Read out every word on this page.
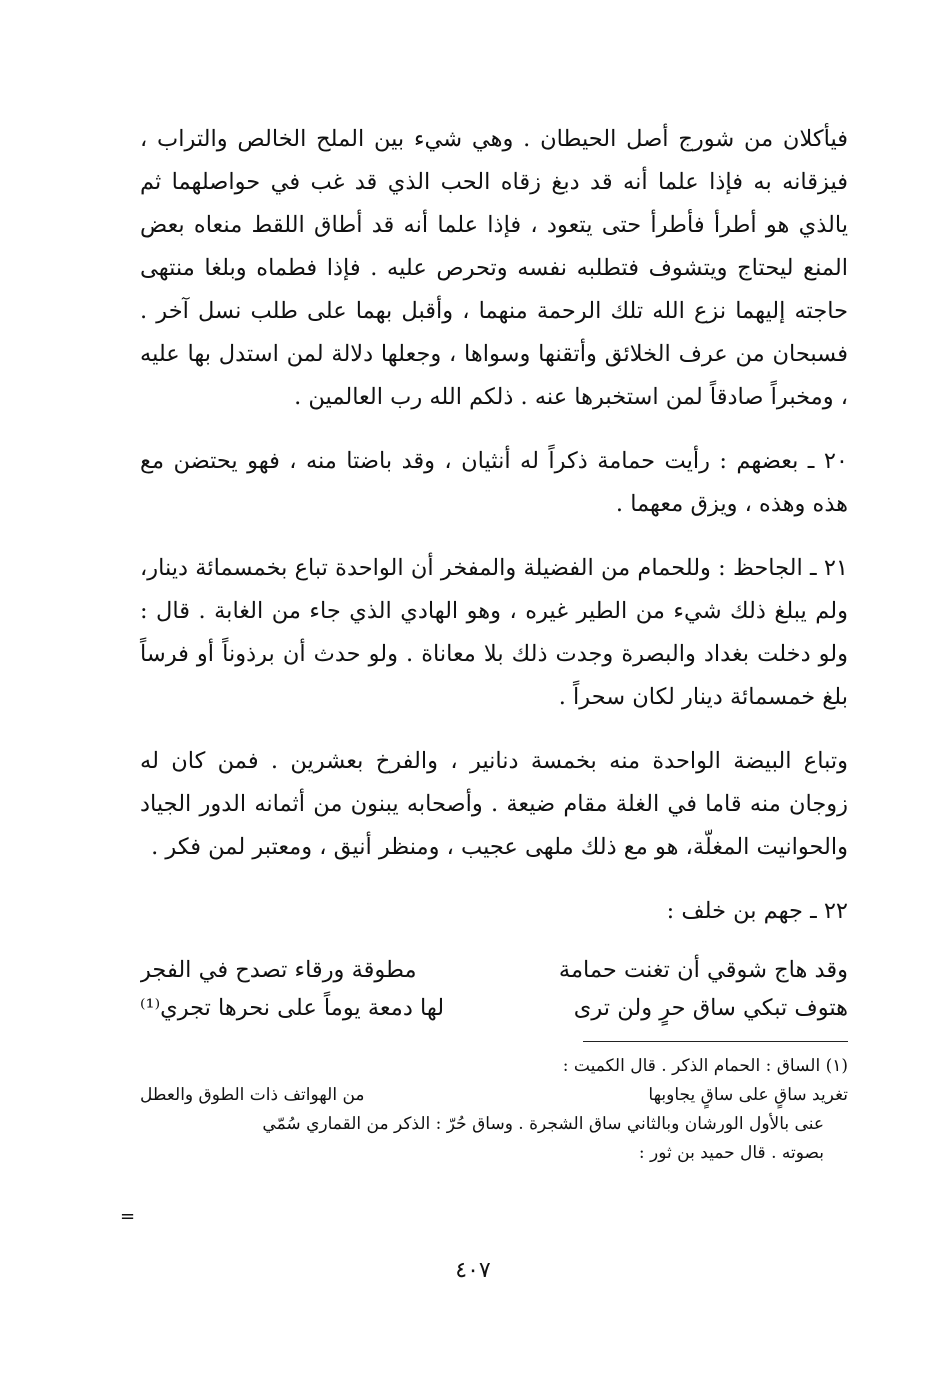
فيأكلان من شورج أصل الحيطان . وهي شيء بين الملح الخالص والتراب ، فيزقانه به فإذا علما أنه قد دبغ زقاه الحب الذي قد غب في حواصلهما ثم يالذي هو أطرأ فأطرأ حتى يتعود ، فإذا علما أنه قد أطاق اللقط منعاه بعض المنع ليحتاج ويتشوف فتطلبه نفسه وتحرص عليه . فإذا فطماه وبلغا منتهى حاجته إليهما نزع الله تلك الرحمة منهما ، وأقبل بهما على طلب نسل آخر . فسبحان من عرف الخلائق وأتقنها وسواها ، وجعلها دلالة لمن استدل بها عليه ، ومخبراً صادقاً لمن استخبرها عنه . ذلكم الله رب العالمين .

٢٠ ـ بعضهم : رأيت حمامة ذكراً له أنثيان ، وقد باضتا منه ، فهو يحتضن مع هذه وهذه ، ويزق معهما .

٢١ ـ الجاحظ : وللحمام من الفضيلة والمفخر أن الواحدة تباع بخمسمائة دينار، ولم يبلغ ذلك شيء من الطير غيره ، وهو الهادي الذي جاء من الغابة . قال : ولو دخلت بغداد والبصرة وجدت ذلك بلا معاناة . ولو حدث أن برذوناً أو فرساً بلغ خمسمائة دينار لكان سحراً .

وتباع البيضة الواحدة منه بخمسة دنانير ، والفرخ بعشرين . فمن كان له زوجان منه قاما في الغلة مقام ضيعة . وأصحابه يبنون من أثمانه الدور الجياد والحوانيت المغلّة، هو مع ذلك ملهى عجيب ، ومنظر أنيق ، ومعتبر لمن فكر .

٢٢ ـ جهم بن خلف :

وقد هاج شوقي أن تغنت حمامة
مطوقة ورقاء تصدح في الفجر
هتوف تبكي ساق حرٍ ولن ترى
لها دمعة يوماً على نحرها تجري⁽¹⁾
(١) الساق : الحمام الذكر . قال الكميت :
تغريد ساقٍ على ساقٍ يجاوبها
من الهواتف ذات الطوق والعطل
عنى بالأول الورشان وبالثاني ساق الشجرة . وساق حُرّ : الذكر من القماري سُمّي
بصوته . قال حميد بن ثور :
=
٤٠٧
